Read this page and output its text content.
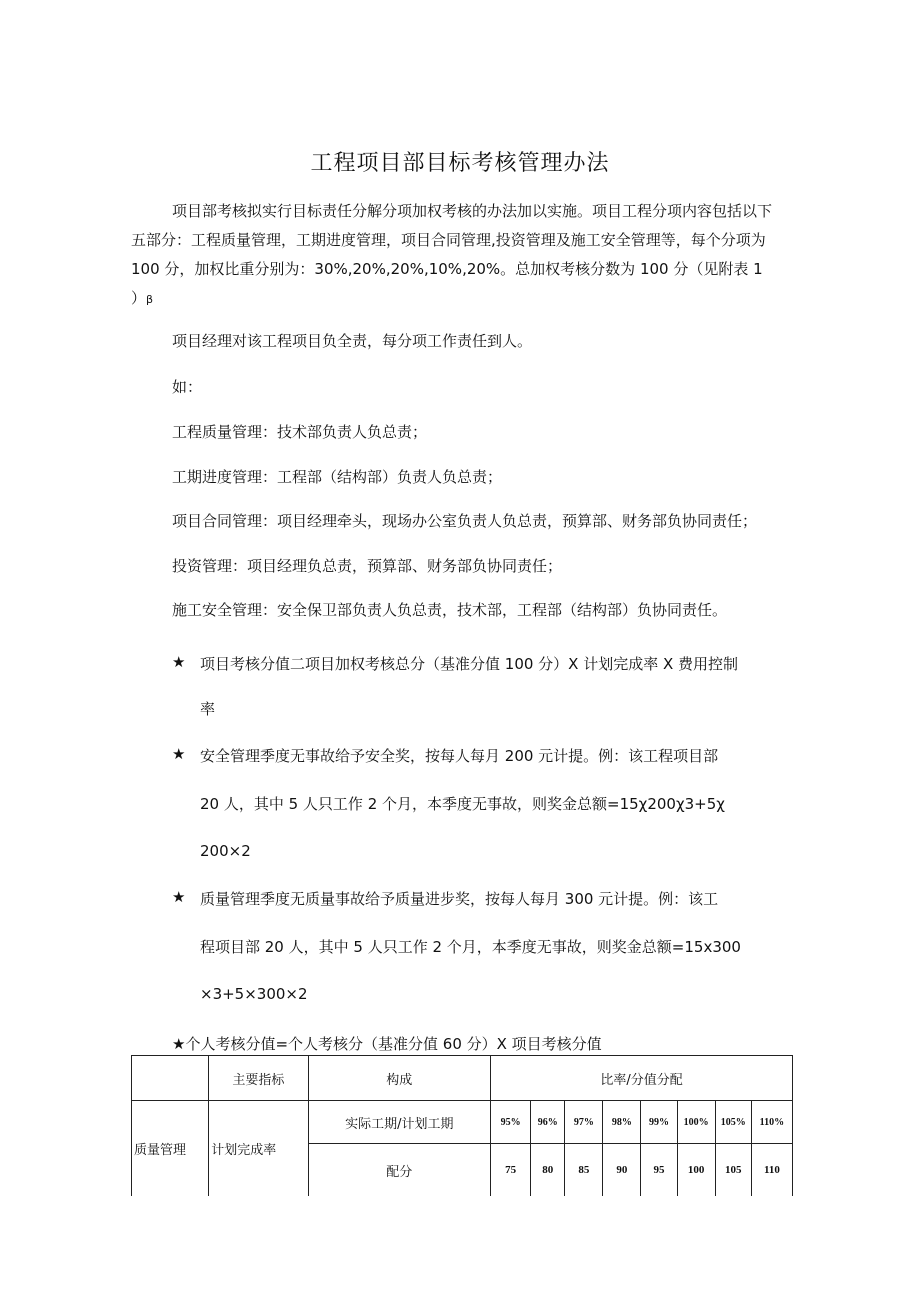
工程项目部目标考核管理办法
项目部考核拟实行目标责任分解分项加权考核的办法加以实施。项目工程分项内容包括以下
五部分：工程质量管理，工期进度管理，项目合同管理,投资管理及施工安全管理等，每个分项为
100 分，加权比重分别为：30%,20%,20%,10%,20%。总加权考核分数为 100 分（见附表 1
）β
项目经理对该工程项目负全责，每分项工作责任到人。
如：
工程质量管理：技术部负责人负总责；
工期进度管理：工程部（结构部）负责人负总责；
项目合同管理：项目经理牵头，现场办公室负责人负总责，预算部、财务部负协同责任；
投资管理：项目经理负总责，预算部、财务部负协同责任；
施工安全管理：安全保卫部负责人负总责，技术部，工程部（结构部）负协同责任。
★ 项目考核分值二项目加权考核总分（基准分值 100 分）X 计划完成率 X 费用控制
率
★ 安全管理季度无事故给予安全奖，按每人每月 200 元计提。例：该工程项目部
20 人，其中 5 人只工作 2 个月，本季度无事故，则奖金总额=15χ200χ3+5χ
200×2
★ 质量管理季度无质量事故给予质量进步奖，按每人每月 300 元计提。例：该工
程项目部 20 人，其中 5 人只工作 2 个月，本季度无事故，则奖金总额=15x300
×3+5×300×2
★个人考核分值=个人考核分（基准分值 60 分）X 项目考核分值
	主要指标	构成	比率/分值分配							
质量管理	计划完成率	实际工期/计划工期	95%	96%	97%	98%	99%	100%	105%	110%
		配分	75	80	85	90	95	100	105	110
